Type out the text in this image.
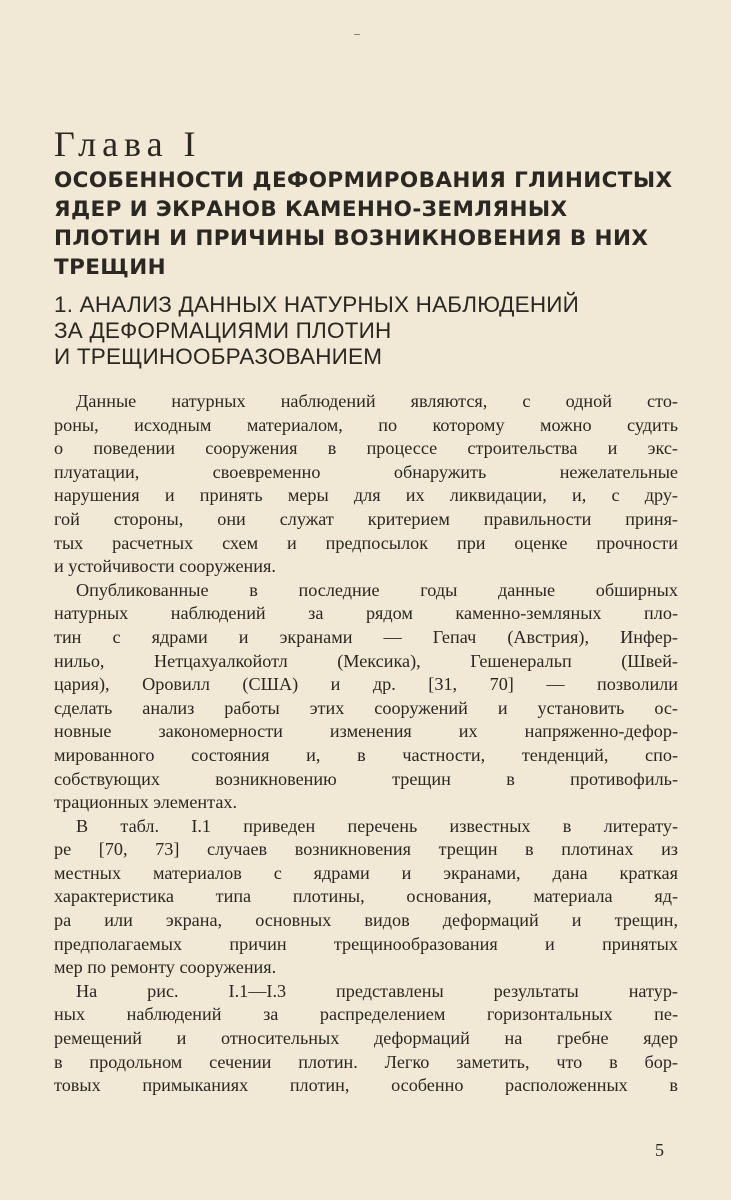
Глава I
ОСОБЕННОСТИ ДЕФОРМИРОВАНИЯ ГЛИНИСТЫХ
ЯДЕР И ЭКРАНОВ КАМЕННО-ЗЕМЛЯНЫХ
ПЛОТИН И ПРИЧИНЫ ВОЗНИКНОВЕНИЯ В НИХ
ТРЕЩИН
1. АНАЛИЗ ДАННЫХ НАТУРНЫХ НАБЛЮДЕНИЙ
ЗА ДЕФОРМАЦИЯМИ ПЛОТИН
И ТРЕЩИНООБРАЗОВАНИЕМ
Данные натурных наблюдений являются, с одной сто-
роны, исходным материалом, по которому можно судить
о поведении сооружения в процессе строительства и экс-
плуатации, своевременно обнаружить нежелательные
нарушения и принять меры для их ликвидации, и, с дру-
гой стороны, они служат критерием правильности приня-
тых расчетных схем и предпосылок при оценке прочности
и устойчивости сооружения.
Опубликованные в последние годы данные обширных
натурных наблюдений за рядом каменно-земляных пло-
тин с ядрами и экранами — Гепач (Австрия), Инфер-
нильо, Нетцахуалкойотл (Мексика), Гешенеральп (Швей-
цария), Оровилл (США) и др. [31, 70] — позволили
сделать анализ работы этих сооружений и установить ос-
новные закономерности изменения их напряженно-дефор-
мированного состояния и, в частности, тенденций, спо-
собствующих возникновению трещин в противофиль-
трационных элементах.
В табл. I.1 приведен перечень известных в литерату-
ре [70, 73] случаев возникновения трещин в плотинах из
местных материалов с ядрами и экранами, дана краткая
характеристика типа плотины, основания, материала яд-
ра или экрана, основных видов деформаций и трещин,
предполагаемых причин трещинообразования и принятых
мер по ремонту сооружения.
На рис. I.1—I.3 представлены результаты натур-
ных наблюдений за распределением горизонтальных пе-
ремещений и относительных деформаций на гребне ядер
в продольном сечении плотин. Легко заметить, что в бор-
товых примыканиях плотин, особенно расположенных в
5
